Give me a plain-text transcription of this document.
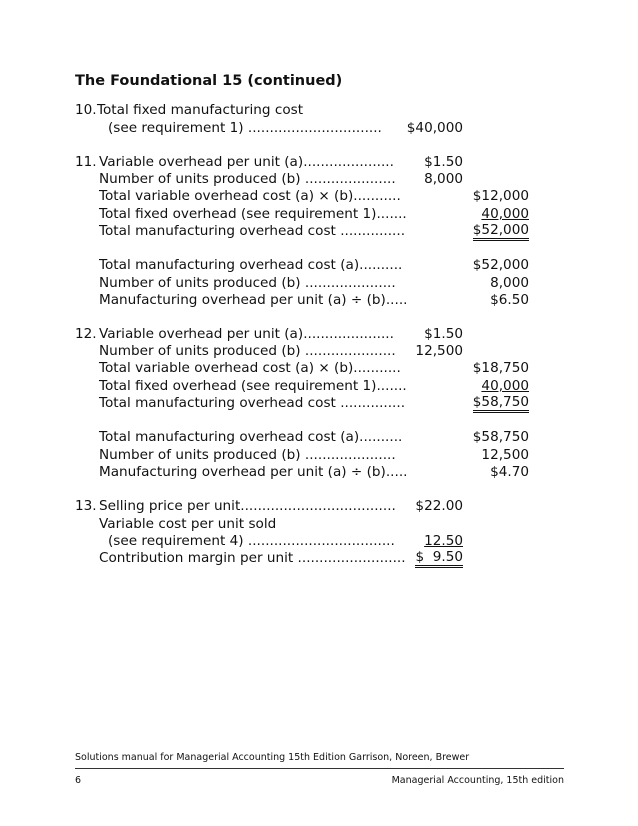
The Foundational 15 (continued)
10. Total fixed manufacturing cost
(see requirement 1) ............................... $40,000
11. Variable overhead per unit (a)..................... $1.50
Number of units produced (b) ..................... 8,000
Total variable overhead cost (a) × (b)...........	$12,000
Total fixed overhead (see requirement 1).......	40,000
Total manufacturing overhead cost ...............	$52,000
Total manufacturing overhead cost (a)..........	$52,000
Number of units produced (b) .....................	8,000
Manufacturing overhead per unit (a) ÷ (b).....	$6.50
12. Variable overhead per unit (a)..................... $1.50
Number of units produced (b) ..................... 12,500
Total variable overhead cost (a) × (b)...........	$18,750
Total fixed overhead (see requirement 1).......	40,000
Total manufacturing overhead cost ...............	$58,750
Total manufacturing overhead cost (a)..........	$58,750
Number of units produced (b) .....................	12,500
Manufacturing overhead per unit (a) ÷ (b).....	$4.70
13. Selling price per unit.................................... $22.00
Variable cost per unit sold
(see requirement 4) .................................. 12.50
Contribution margin per unit ......................... $  9.50
Solutions manual for Managerial Accounting 15th Edition Garrison, Noreen, Brewer
6	Managerial Accounting, 15th edition
